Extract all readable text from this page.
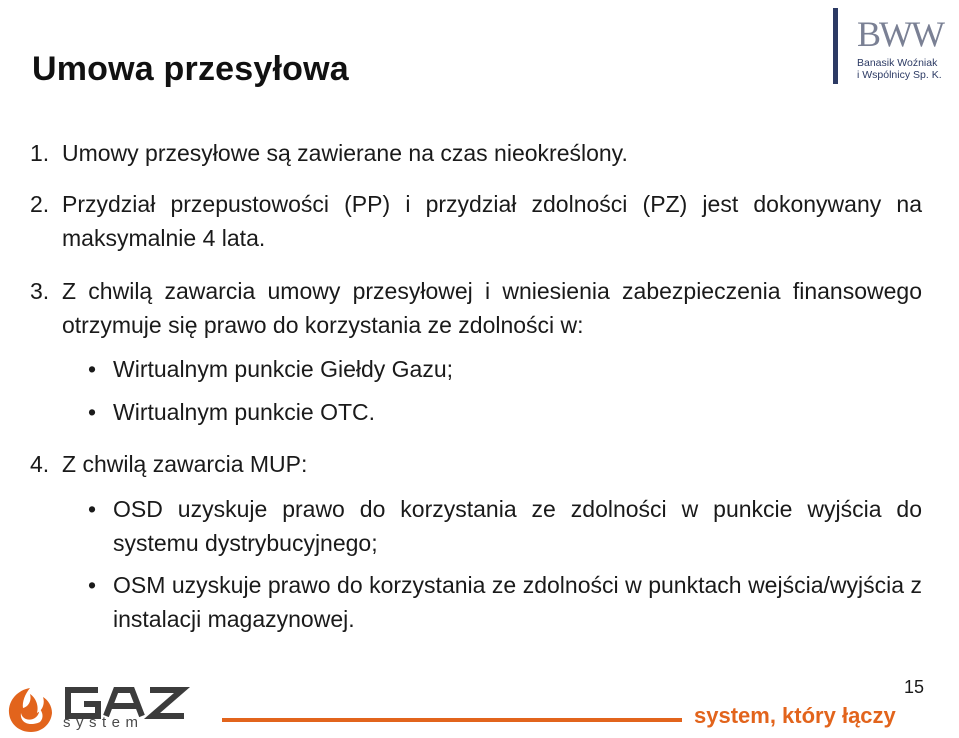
Umowa przesyłowa

BWW

Banasik Woźniak

i Wspólnicy Sp. K.

1. Umowy przesyłowe są zawierane na czas nieokreślony.

2. Przydział przepustowości (PP) i przydział zdolności (PZ) jest dokonywany na maksymalnie 4 lata.

3. Z chwilą zawarcia umowy przesyłowej i wniesienia zabezpieczenia finansowego otrzymuje się prawo do korzystania ze zdolności w:

• Wirtualnym punkcie Giełdy Gazu;

• Wirtualnym punkcie OTC.

4. Z chwilą zawarcia MUP:

• OSD uzyskuje prawo do korzystania ze zdolności w punkcie wyjścia do systemu dystrybucyjnego;

• OSM uzyskuje prawo do korzystania ze zdolności w punktach wejścia/wyjścia z instalacji magazynowej.

15

system	system, który łączy
